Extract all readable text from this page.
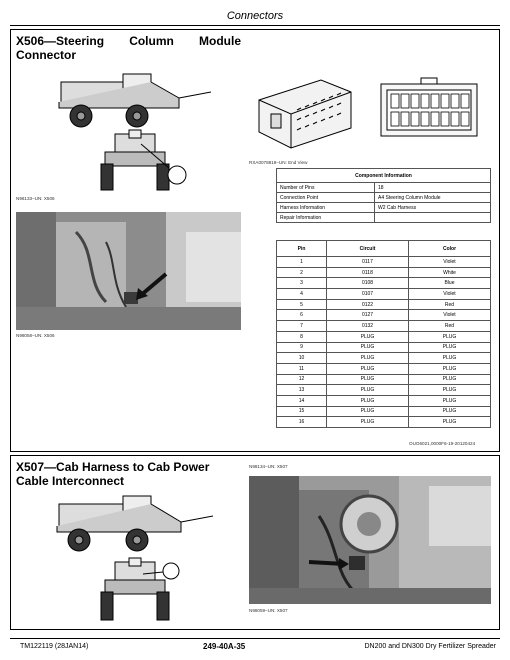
Connectors
X506—Steering Column Module
Connector
N96133–UN: X506
N98058–UN: X506
RXA0078819–UN: End View
Component Information	
Number of Pins	18
Connection Point	A4 Steering Column Module
Harness Information	W2 Cab Harness
Repair Information	
Pin	Circuit	Color
1	0117	Violet
2	0118	White
3	0108	Blue
4	0107	Violet
5	0122	Red
6	0127	Violet
7	0132	Red
8	PLUG	PLUG
9	PLUG	PLUG
10	PLUG	PLUG
11	PLUG	PLUG
12	PLUG	PLUG
13	PLUG	PLUG
14	PLUG	PLUG
15	PLUG	PLUG
16	PLUG	PLUG
OUO6021,0000F6-19-20120424
X507—Cab Harness to Cab Power Cable Interconnect
N98134–UN: X507
N98059–UN: X507
TM122119 (28JAN14)	249-40A-35	DN200 and DN300 Dry Fertilizer Spreader
